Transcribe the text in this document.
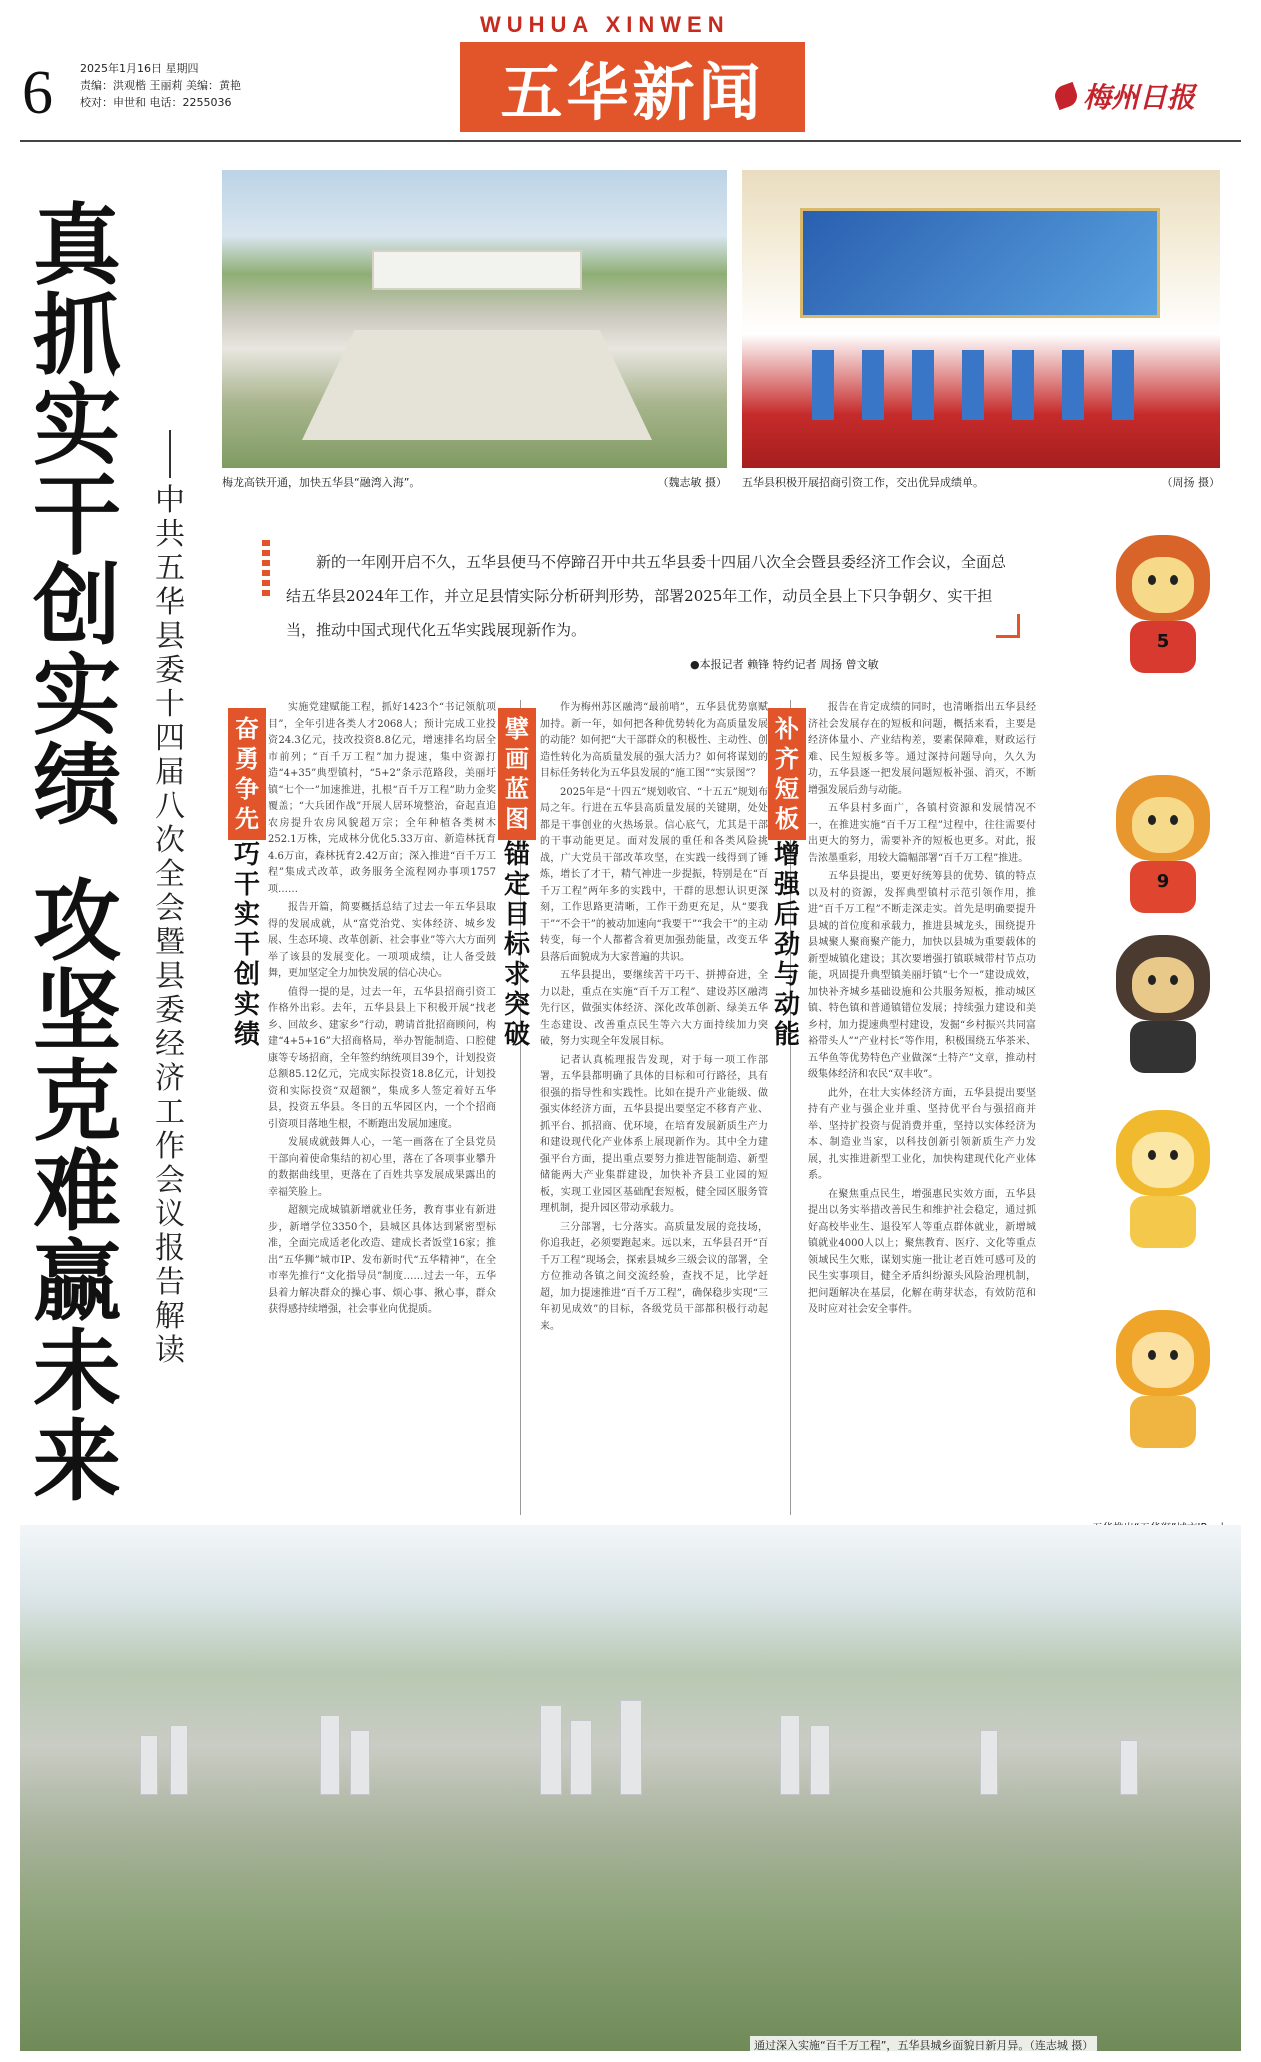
6 2025年1月16日 星期四
责编：洪观楷 王丽莉 美编：黄艳
校对：申世和 电话：2255036
WUHUA XINWEN
五华新闻	梅州日报
真抓实干创实绩
攻坚克难赢未来
中共五华县委十四届八次全会暨县委经济工作会议报告解读
梅龙高铁开通，加快五华县“融湾入海”。	（魏志敏 摄） 五华县积极开展招商引资工作，交出优异成绩单。	（周扬 摄）
新的一年刚开启不久，五华县便马不停蹄召开中共五华县委十四届八次全会暨县委经济工作会议，全面总结五华县2024年工作，并立足县情实际分析研判形势，部署2025年工作，动员全县上下只争朝夕、实干担当，推动中国式现代化五华实践展现新作为。
●本报记者 赖锋 特约记者 周扬 曾文敏
奋勇争先
巧干实干创实绩

实施党建赋能工程，抓好1423个“书记领航项目”，全年引进各类人才2068人；预计完成工业投资24.3亿元，技改投资8.8亿元，增速排名均居全市前列；“百千万工程”加力提速，集中资源打造“4+35”典型镇村，“5+2”条示范路段，美丽圩镇“七个一”加速推进，扎根“百千万工程”助力金奖覆盖；“大兵团作战”开展人居环境整治，奋起直追农房提升农房风貌超万宗；全年种植各类树木252.1万株，完成林分优化5.33万亩、新造林抚育4.6万亩，森林抚育2.42万亩；深入推进“百千万工程”集成式改革，政务服务全流程网办事项1757项……

报告开篇，简要概括总结了过去一年五华县取得的发展成就，从“富党治党、实体经济、城乡发展、生态环境、改革创新、社会事业”等六大方面列举了该县的发展变化。一项项成绩，让人备受鼓舞，更加坚定全力加快发展的信心决心。

值得一提的是，过去一年，五华县招商引资工作格外出彩。去年，五华县县上下积极开展“找老乡、回故乡、建家乡”行动，聘请首批招商顾问，构建“4+5+16”大招商格局，举办智能制造、口腔健康等专场招商，全年签约纳统项目39个，计划投资总额85.12亿元，完成实际投资18.8亿元，计划投资和实际投资“双超额”，集成多人签定着好五华县，投资五华县。冬日的五华园区内，一个个招商引资项目落地生根，不断跑出发展加速度。

发展成就鼓舞人心，一笔一画落在了全县党员干部向着使命集结的初心里，落在了各项事业攀升的数据曲线里，更落在了百姓共享发展成果露出的幸福笑脸上。

超额完成城镇新增就业任务，教育事业有新进步，新增学位3350个，县城区具体达到紧密型标准，全面完成适老化改造、建成长者饭堂16家；推出“五华狮”城市IP、发布新时代“五华精神”，在全市率先推行“文化指导员”制度……过去一年，五华县着力解决群众的操心事、烦心事、揪心事，群众获得感持续增强，社会事业向优提质。

擘画蓝图
锚定目标求突破

作为梅州苏区融湾“最前哨”，五华县优势禀赋加持。新一年，如何把各种优势转化为高质量发展的动能？如何把“大干部群众的积极性、主动性、创造性转化为高质量发展的强大活力？如何将谋划的目标任务转化为五华县发展的“施工图”“实景图”？

2025年是“十四五”规划收官、“十五五”规划布局之年。行进在五华县高质量发展的关键期，处处都是干事创业的火热场景。信心底气，尤其是干部的干事动能更足。面对发展的重任和各类风险挑战，广大党员干部改革攻坚，在实践一线得到了锤炼，增长了才干，精气神进一步提振，特别是在“百千万工程”两年多的实践中，干群的思想认识更深刻，工作思路更清晰，工作干劲更充足，从“要我干”“不会干”的被动加速向“我要干”“我会干”的主动转变，每一个人都蓄含着更加强劲能量，改变五华县落后面貌成为大家普遍的共识。

五华县提出，要继续苦干巧干、拼搏奋进，全力以赴，重点在实施“百千万工程”、建设苏区融湾先行区，做强实体经济、深化改革创新、绿美五华生态建设、改善重点民生等六大方面持续加力突破，努力实现全年发展目标。

记者认真梳理报告发现，对于每一项工作部署，五华县都明确了具体的目标和可行路径，具有很强的指导性和实践性。比如在提升产业能级、做强实体经济方面，五华县提出要坚定不移育产业、抓平台、抓招商、优环境，在培育发展新质生产力和建设现代化产业体系上展现新作为。其中全力建强平台方面，提出重点要努力推进智能制造、新型储能两大产业集群建设，加快补齐县工业园的短板，实现工业园区基础配套短板，健全园区服务管理机制，提升园区带动承载力。

三分部署，七分落实。高质量发展的竞技场，你追我赶，必须要跑起来。远以来，五华县召开“百千万工程”现场会，探索县城乡三级会议的部署，全方位推动各镇之间交流经验，查找不足，比学赶超，加力提速推进“百千万工程”，确保稳步实现“三年初见成效”的目标，各级党员干部都积极行动起来。

补齐短板
增强后劲与动能

报告在肯定成绩的同时，也清晰指出五华县经济社会发展存在的短板和问题，概括来看，主要是经济体量小、产业结构差，要素保障难，财政运行难、民生短板多等。通过深持问题导向，久久为功，五华县逐一把发展问题短板补强、消灭，不断增强发展后劲与动能。

五华县村多面广，各镇村资源和发展情况不一，在推进实施“百千万工程”过程中，往往需要付出更大的努力，需要补齐的短板也更多。对此，报告浓墨重彩，用较大篇幅部署“百千万工程”推进。

五华县提出，要更好统筹县的优势、镇的特点以及村的资源，发挥典型镇村示范引领作用，推进“百千万工程”不断走深走实。首先是明确要提升县城的首位度和承载力，推进县城龙头，围绕提升县城聚人聚商聚产能力，加快以县城为重要载体的新型城镇化建设；其次要增强打镇联城带村节点功能，巩固提升典型镇美丽圩镇“七个一”建设成效，加快补齐城乡基础设施和公共服务短板，推动城区镇、特色镇和普通镇错位发展；持续强力建设和美乡村，加力提速典型村建设，发掘“乡村振兴共同富裕带头人”“产业村长”等作用，积极围绕五华茶米、五华鱼等优势特色产业做深“土特产”文章，推动村级集体经济和农民“双丰收”。

此外，在壮大实体经济方面，五华县提出要坚持有产业与强企业并重、坚持优平台与强招商并举、坚持扩投资与促消费并重，坚持以实体经济为本、制造业当家，以科技创新引领新质生产力发展，扎实推进新型工业化，加快构建现代化产业体系。

在聚焦重点民生，增强惠民实效方面，五华县提出以务实举措改善民生和维护社会稳定，通过抓好高校毕业生、退役军人等重点群体就业，新增城镇就业4000人以上；聚焦教育、医疗、文化等重点领域民生欠账，谋划实施一批让老百姓可感可及的民生实事项目，健全矛盾纠纷源头风险治理机制，把问题解决在基层，化解在萌芽状态，有效防范和及时应对社会安全事件。

5
9
通过深入实施“百千万工程”，五华县城乡面貌日新月异。（连志城 摄）
